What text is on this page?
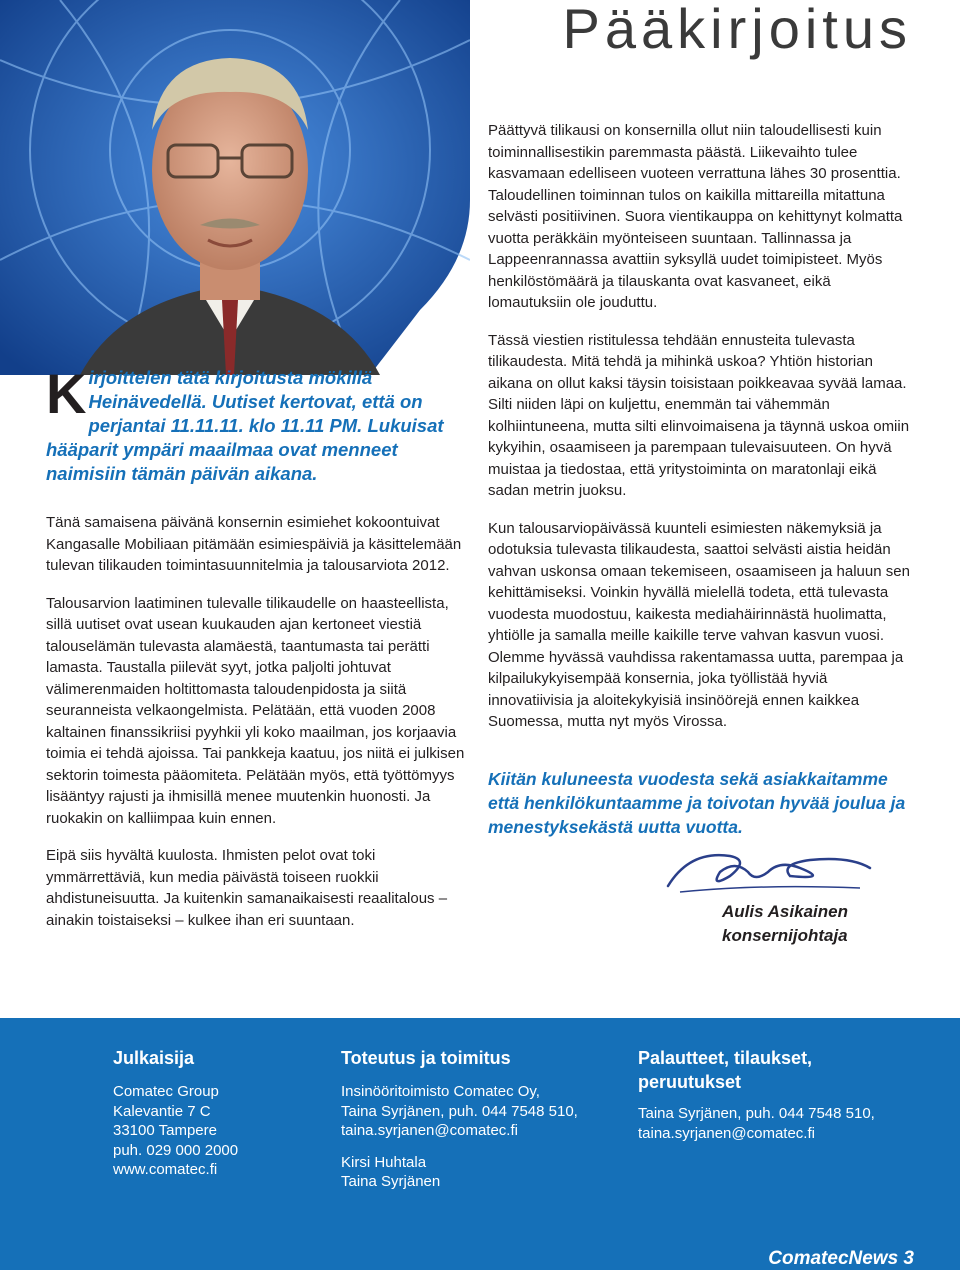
Pääkirjoitus

Kirjoittelen tätä kirjoitusta mökillä Heinävedellä. Uutiset kertovat, että on perjantai 11.11.11. klo 11.11 PM. Lukuisat hääparit ympäri maailmaa ovat menneet naimisiin tämän päivän aikana.

Tänä samaisena päivänä konsernin esimiehet kokoontuivat Kangasalle Mobiliaan pitämään esimiespäiviä ja käsittelemään tulevan tilikauden toimintasuunnitelmia ja talousarviota 2012.

Talousarvion laatiminen tulevalle tilikaudelle on haasteellista, sillä uutiset ovat usean kuukauden ajan kertoneet viestiä talouselämän tulevasta alamäestä, taantumasta tai perätti lamasta. Taustalla piilevät syyt, jotka paljolti johtuvat välimerenmaiden holtittomasta taloudenpidosta ja siitä seuranneista velkaongelmista. Pelätään, että vuoden 2008 kaltainen finanssikriisi pyyhkii yli koko maailman, jos korjaavia toimia ei tehdä ajoissa. Tai pankkeja kaatuu, jos niitä ei julkisen sektorin toimesta pääomiteta. Pelätään myös, että työttömyys lisääntyy rajusti ja ihmisillä menee muutenkin huonosti. Ja ruokakin on kalliimpaa kuin ennen.

Eipä siis hyvältä kuulosta. Ihmisten pelot ovat toki ymmärrettäviä, kun media päivästä toiseen ruokkii ahdistuneisuutta. Ja kuitenkin samanaikaisesti reaalitalous – ainakin toistaiseksi – kulkee ihan eri suuntaan.

Päättyvä tilikausi on konsernilla ollut niin taloudellisesti kuin toiminnallisestikin paremmasta päästä. Liikevaihto tulee kasvamaan edelliseen vuoteen verrattuna lähes 30 prosenttia. Taloudellinen toiminnan tulos on kaikilla mittareilla mitattuna selvästi positiivinen. Suora vientikauppa on kehittynyt kolmatta vuotta peräkkäin myönteiseen suuntaan. Tallinnassa ja Lappeenrannassa avattiin syksyllä uudet toimipisteet. Myös henkilöstömäärä ja tilauskanta ovat kasvaneet, eikä lomautuksiin ole jouduttu.

Tässä viestien ristitulessa tehdään ennusteita tulevasta tilikaudesta. Mitä tehdä ja mihinkä uskoa? Yhtiön historian aikana on ollut kaksi täysin toisistaan poikkeavaa syvää lamaa. Silti niiden läpi on kuljettu, enemmän tai vähemmän kolhiintuneena, mutta silti elinvoimaisena ja täynnä uskoa omiin kykyihin, osaamiseen ja parempaan tulevaisuuteen. On hyvä muistaa ja tiedostaa, että yritystoiminta on maratonlaji eikä sadan metrin juoksu.

Kun talousarviopäivässä kuunteli esimiesten näkemyksiä ja odotuksia tulevasta tilikaudesta, saattoi selvästi aistia heidän vahvan uskonsa omaan tekemiseen, osaamiseen ja haluun sen kehittämiseksi. Voinkin hyvällä mielellä todeta, että tulevasta vuodesta muodostuu, kaikesta mediahäirinnästä huolimatta, yhtiölle ja samalla meille kaikille terve vahvan kasvun vuosi. Olemme hyvässä vauhdissa rakentamassa uutta, parempaa ja kilpailukykyisempää konsernia, joka työllistää hyviä innovatiivisia ja aloitekykyisiä insinöörejä ennen kaikkea Suomessa, mutta nyt myös Virossa.

Kiitän kuluneesta vuodesta sekä asiakkaitamme että henkilökuntaamme ja toivotan hyvää joulua ja menestyksekästä uutta vuotta.

Aulis Asikainen
konsernijohtaja
Julkaisija
Comatec Group
Kalevantie 7 C
33100 Tampere
puh. 029 000 2000
www.comatec.fi
Toteutus ja toimitus
Insinööritoimisto Comatec Oy,
Taina Syrjänen, puh. 044 7548 510,
taina.syrjanen@comatec.fi
Kirsi Huhtala
Taina Syrjänen
Palautteet, tilaukset,
peruutukset
Taina Syrjänen, puh. 044 7548 510,
taina.syrjanen@comatec.fi
ComatecNews 3
